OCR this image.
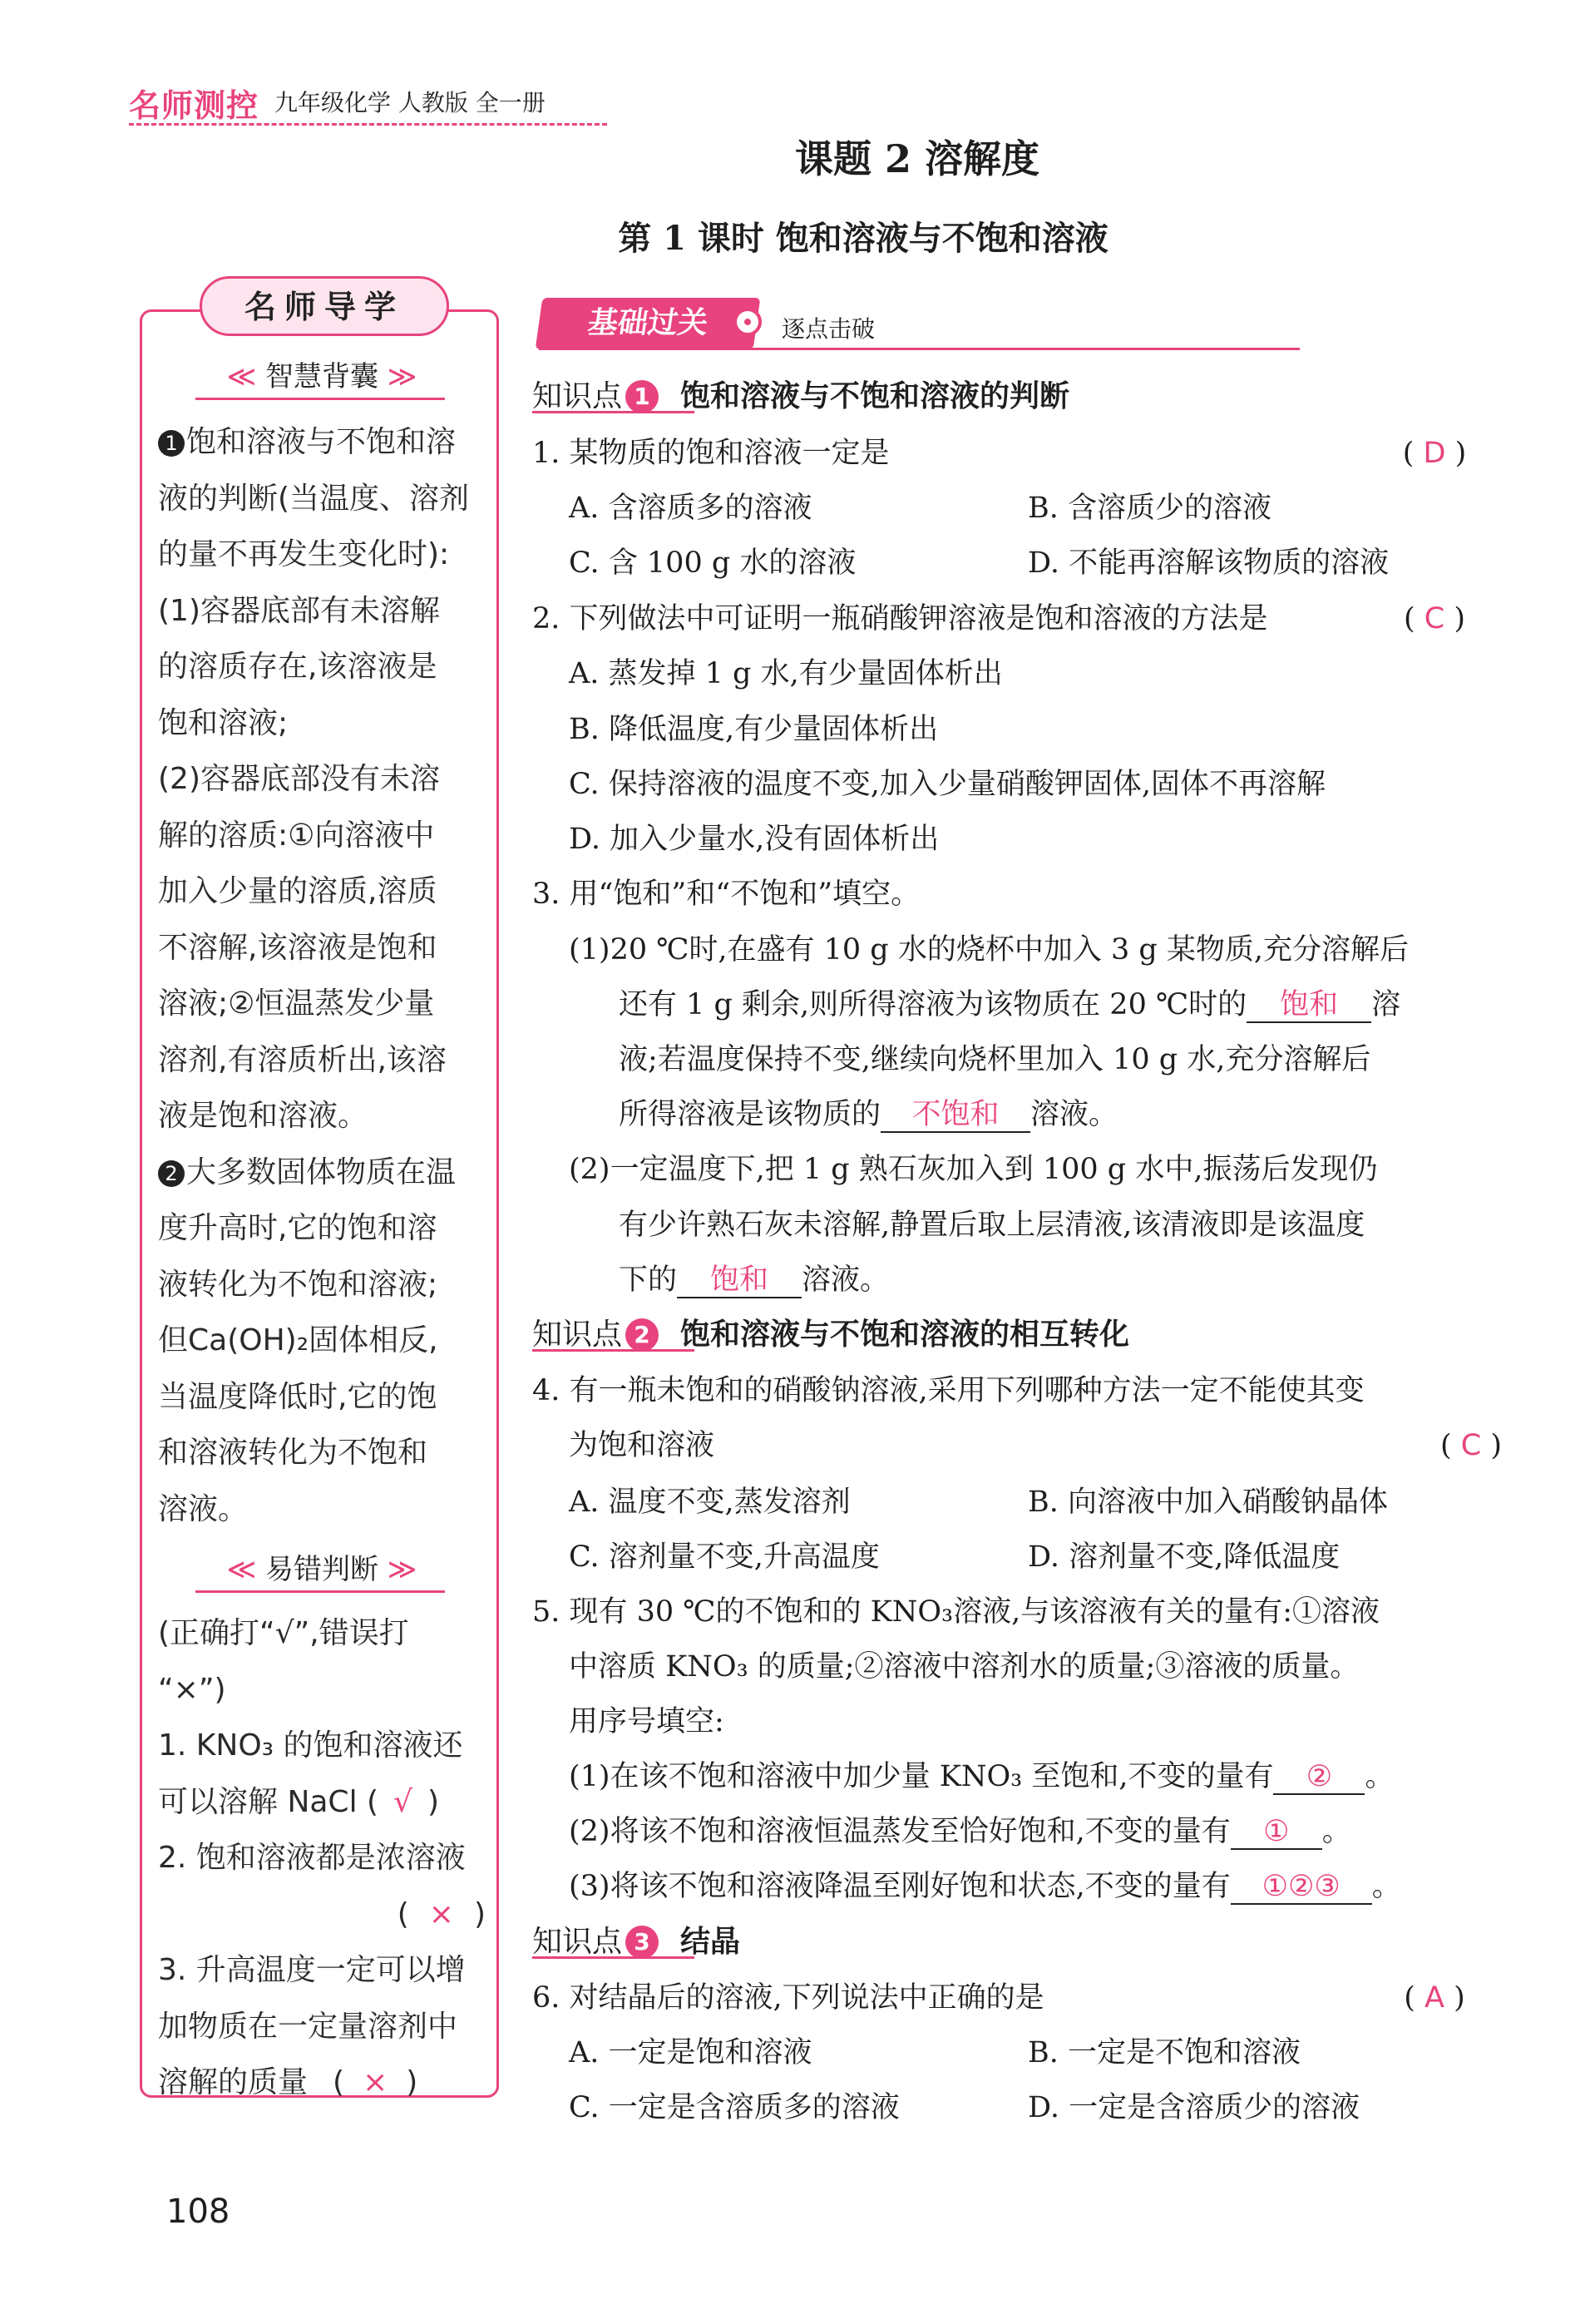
名师测控 九年级化学 人教版 全一册
课题 2 溶解度
第 1 课时 饱和溶液与不饱和溶液
名师导学
≪ 智慧背囊 ≫
1 饱和溶液与不饱和溶
液的判断(当温度、溶剂
的量不再发生变化时):
(1)容器底部有未溶解
的溶质存在,该溶液是
饱和溶液;
(2)容器底部没有未溶
解的溶质:①向溶液中
加入少量的溶质,溶质
不溶解,该溶液是饱和
溶液;②恒温蒸发少量
溶剂,有溶质析出,该溶
液是饱和溶液。
2 大多数固体物质在温
度升高时,它的饱和溶
液转化为不饱和溶液;
但Ca(OH)₂固体相反,
当温度降低时,它的饱
和溶液转化为不饱和
溶液。
≪ 易错判断 ≫
(正确打“√”,错误打
“×”)
1. KNO₃ 的饱和溶液还
可以溶解 NaCl ( √ )
2. 饱和溶液都是浓溶液
( × )
3. 升高温度一定可以增
加物质在一定量溶剂中
溶解的质量 ( × )
基础过关	逐点击破
知识点 1 饱和溶液与不饱和溶液的判断
1. 某物质的饱和溶液一定是	( D )
A. 含溶质多的溶液	B. 含溶质少的溶液
C. 含 100 g 水的溶液	D. 不能再溶解该物质的溶液
2. 下列做法中可证明一瓶硝酸钾溶液是饱和溶液的方法是	( C )
A. 蒸发掉 1 g 水,有少量固体析出
B. 降低温度,有少量固体析出
C. 保持溶液的温度不变,加入少量硝酸钾固体,固体不再溶解
D. 加入少量水,没有固体析出
3. 用“饱和”和“不饱和”填空。
(1)20 ℃时,在盛有 10 g 水的烧杯中加入 3 g 某物质,充分溶解后
还有 1 g 剩余,则所得溶液为该物质在 20 ℃时的 饱和 溶
液;若温度保持不变,继续向烧杯里加入 10 g 水,充分溶解后
所得溶液是该物质的 不饱和 溶液。
(2)一定温度下,把 1 g 熟石灰加入到 100 g 水中,振荡后发现仍
有少许熟石灰未溶解,静置后取上层清液,该清液即是该温度
下的 饱和 溶液。
知识点 2 饱和溶液与不饱和溶液的相互转化
4. 有一瓶未饱和的硝酸钠溶液,采用下列哪种方法一定不能使其变
为饱和溶液	( C )
A. 温度不变,蒸发溶剂	B. 向溶液中加入硝酸钠晶体
C. 溶剂量不变,升高温度	D. 溶剂量不变,降低温度
5. 现有 30 ℃的不饱和的 KNO₃溶液,与该溶液有关的量有:①溶液
中溶质 KNO₃ 的质量;②溶液中溶剂水的质量;③溶液的质量。
用序号填空:
(1)在该不饱和溶液中加少量 KNO₃ 至饱和,不变的量有 ② 。
(2)将该不饱和溶液恒温蒸发至恰好饱和,不变的量有 ① 。
(3)将该不饱和溶液降温至刚好饱和状态,不变的量有 ①②③ 。
知识点 3 结晶
6. 对结晶后的溶液,下列说法中正确的是	( A )
A. 一定是饱和溶液	B. 一定是不饱和溶液
C. 一定是含溶质多的溶液	D. 一定是含溶质少的溶液
108
